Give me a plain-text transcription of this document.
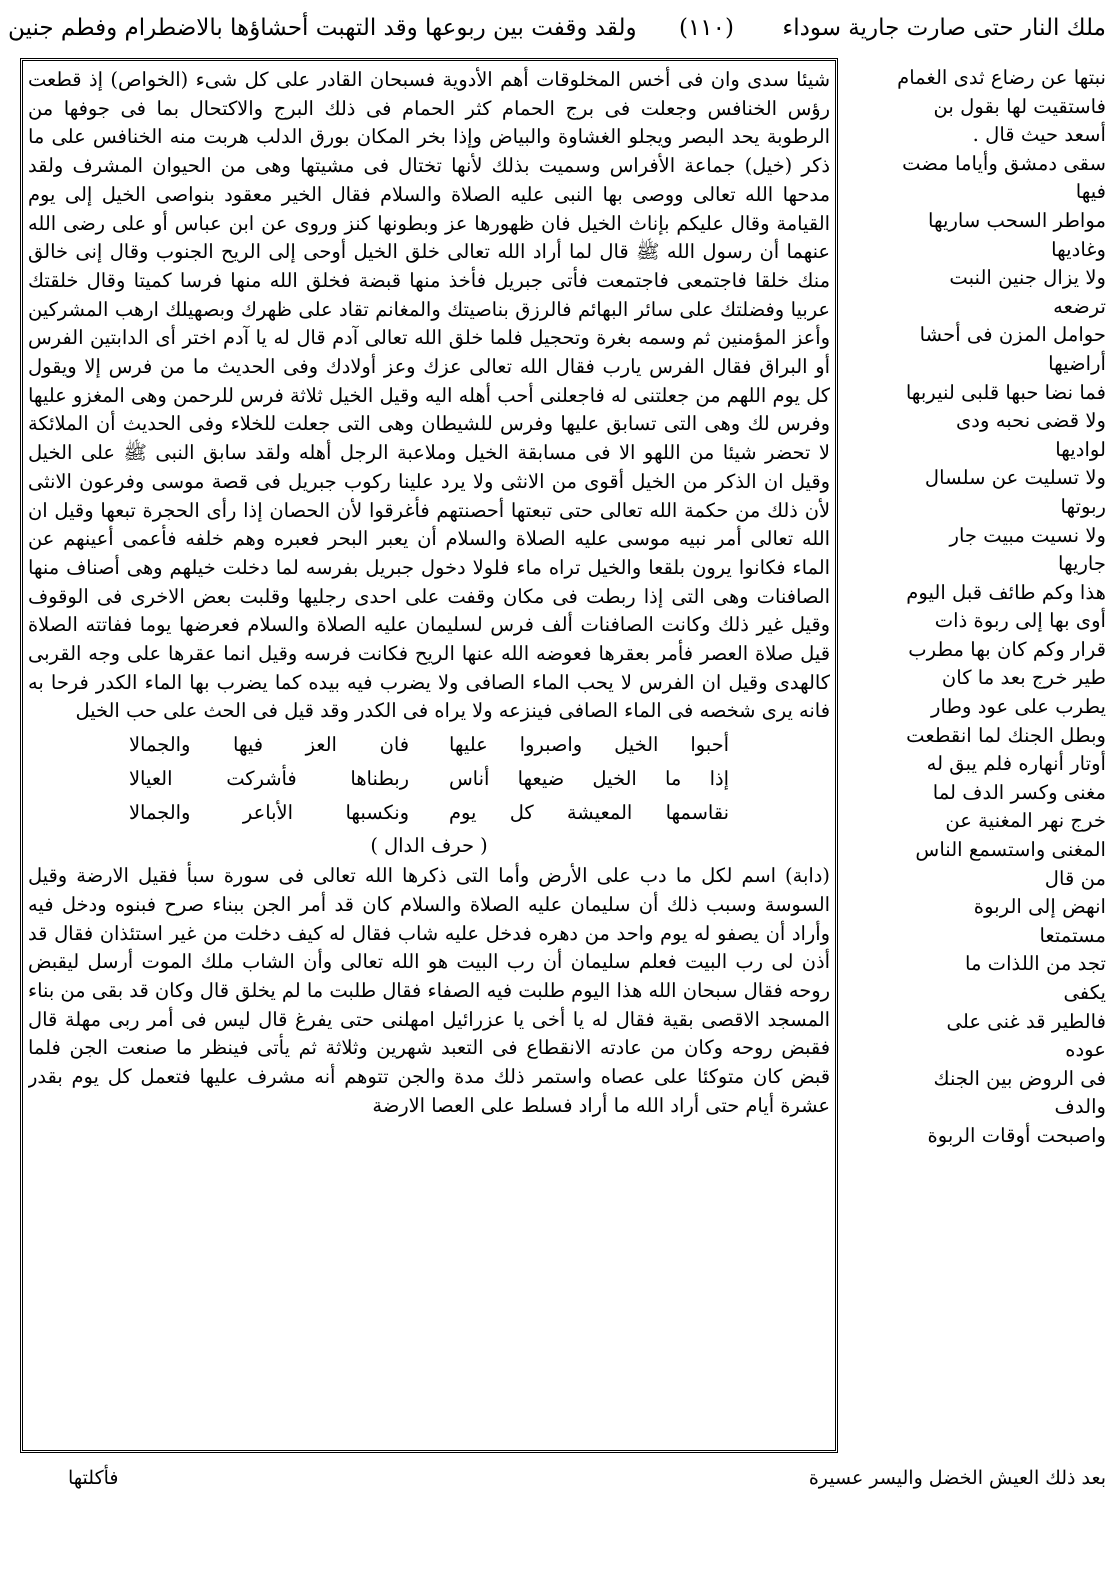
ملك النار حتى صارت جارية سوداء
(١١٠)
ولقد وقفت بين ربوعها وقد التهبت أحشاؤها بالاضطرام وفطم جنين

شيئا سدى وان فى أخس المخلوقات أهم الأدوية فسبحان القادر على كل شىء (الخواص) إذ قطعت رؤس الخنافس وجعلت فى برج الحمام كثر الحمام فى ذلك البرج والاكتحال بما فى جوفها من الرطوبة يحد البصر ويجلو الغشاوة والبياض وإذا بخر المكان بورق الدلب هربت منه الخنافس على ما ذكر (خيل) جماعة الأفراس وسميت بذلك لأنها تختال فى مشيتها وهى من الحيوان المشرف ولقد مدحها الله تعالى ووصى بها النبى عليه الصلاة والسلام فقال الخير معقود بنواصى الخيل إلى يوم القيامة وقال عليكم بإناث الخيل فان ظهورها عز وبطونها كنز وروى عن ابن عباس أو على رضى الله عنهما أن رسول الله ﷺ قال لما أراد الله تعالى خلق الخيل أوحى إلى الريح الجنوب وقال إنى خالق منك خلقا فاجتمعى فاجتمعت فأتى جبريل فأخذ منها قبضة فخلق الله منها فرسا كميتا وقال خلقتك عربيا وفضلتك على سائر البهائم فالرزق بناصيتك والمغانم تقاد على ظهرك وبصهيلك ارهب المشركين وأعز المؤمنين ثم وسمه بغرة وتحجيل فلما خلق الله تعالى آدم قال له يا آدم اختر أى الدابتين الفرس أو البراق فقال الفرس يارب فقال الله تعالى عزك وعز أولادك وفى الحديث ما من فرس إلا ويقول كل يوم اللهم من جعلتنى له فاجعلنى أحب أهله اليه وقيل الخيل ثلاثة فرس للرحمن وهى المغزو عليها وفرس لك وهى التى تسابق عليها وفرس للشيطان وهى التى جعلت للخلاء وفى الحديث أن الملائكة لا تحضر شيئا من اللهو الا فى مسابقة الخيل وملاعبة الرجل أهله ولقد سابق النبى ﷺ على الخيل وقيل ان الذكر من الخيل أقوى من الانثى ولا يرد علينا ركوب جبريل فى قصة موسى وفرعون الانثى لأن ذلك من حكمة الله تعالى حتى تبعتها أحصنتهم فأغرقوا لأن الحصان إذا رأى الحجرة تبعها وقيل ان الله تعالى أمر نبيه موسى عليه الصلاة والسلام أن يعبر البحر فعبره وهم خلفه فأعمى أعينهم عن الماء فكانوا يرون بلقعا والخيل تراه ماء فلولا دخول جبريل بفرسه لما دخلت خيلهم وهى أصناف منها الصافنات وهى التى إذا ربطت فى مكان وقفت على احدى رجليها وقلبت بعض الاخرى فى الوقوف وقيل غير ذلك وكانت الصافنات ألف فرس لسليمان عليه الصلاة والسلام فعرضها يوما ففاتته الصلاة قيل صلاة العصر فأمر بعقرها فعوضه الله عنها الريح فكانت فرسه وقيل انما عقرها على وجه القربى كالهدى وقيل ان الفرس لا يحب الماء الصافى ولا يضرب فيه بيده كما يضرب بها الماء الكدر فرحا به فانه يرى شخصه فى الماء الصافى فينزعه ولا يراه فى الكدر وقد قيل فى الحث على حب الخيل

أحبوا الخيل واصبروا عليها
فان العز فيها والجمالا
إذا ما الخيل ضيعها أناس
ربطناها فأشركت العيالا
نقاسمها المعيشة كل يوم
ونكسبها الأباعر والجمالا
( حرف الدال )

(دابة) اسم لكل ما دب على الأرض وأما التى ذكرها الله تعالى فى سورة سبأ فقيل الارضة وقيل السوسة وسبب ذلك أن سليمان عليه الصلاة والسلام كان قد أمر الجن ببناء صرح فبنوه ودخل فيه وأراد أن يصفو له يوم واحد من دهره فدخل عليه شاب فقال له كيف دخلت من غير استئذان فقال قد أذن لى رب البيت فعلم سليمان أن رب البيت هو الله تعالى وأن الشاب ملك الموت أرسل ليقبض روحه فقال سبحان الله هذا اليوم طلبت فيه الصفاء فقال طلبت ما لم يخلق قال وكان قد بقى من بناء المسجد الاقصى بقية فقال له يا أخى يا عزرائيل امهلنى حتى يفرغ قال ليس فى أمر ربى مهلة قال فقبض روحه وكان من عادته الانقطاع فى التعبد شهرين وثلاثة ثم يأتى فينظر ما صنعت الجن فلما قبض كان متوكئا على عصاه واستمر ذلك مدة والجن تتوهم أنه مشرف عليها فتعمل كل يوم بقدر عشرة أيام حتى أراد الله ما أراد فسلط على العصا الارضة

نبتها عن رضاع ثدى الغمام
فاستقيت لها بقول بن
أسعد حيث قال .
سقى دمشق وأياما مضت
فيها
مواطر السحب ساريها
وغاديها
ولا يزال جنين النبت
ترضعه
حوامل المزن فى أحشا
أراضيها
فما نضا حبها قلبى لنيربها
ولا قضى نحبه ودى
لواديها
ولا تسليت عن سلسال
ربوتها
ولا نسيت مبيت جار
جاريها
هذا وكم طائف قبل اليوم
أوى بها إلى ربوة ذات
قرار وكم كان بها مطرب
طير خرج بعد ما كان
يطرب على عود وطار
وبطل الجنك لما انقطعت
أوتار أنهاره فلم يبق له
مغنى وكسر الدف لما
خرج نهر المغنية عن
المغنى واستسمع الناس
من قال
انهض إلى الربوة
مستمتعا
تجد من اللذات ما
يكفى
فالطير قد غنى على
عوده
فى الروض بين الجنك
والدف
واصبحت أوقات الربوة
بعد ذلك العيش الخضل واليسر عسيرة
فأكلتها
